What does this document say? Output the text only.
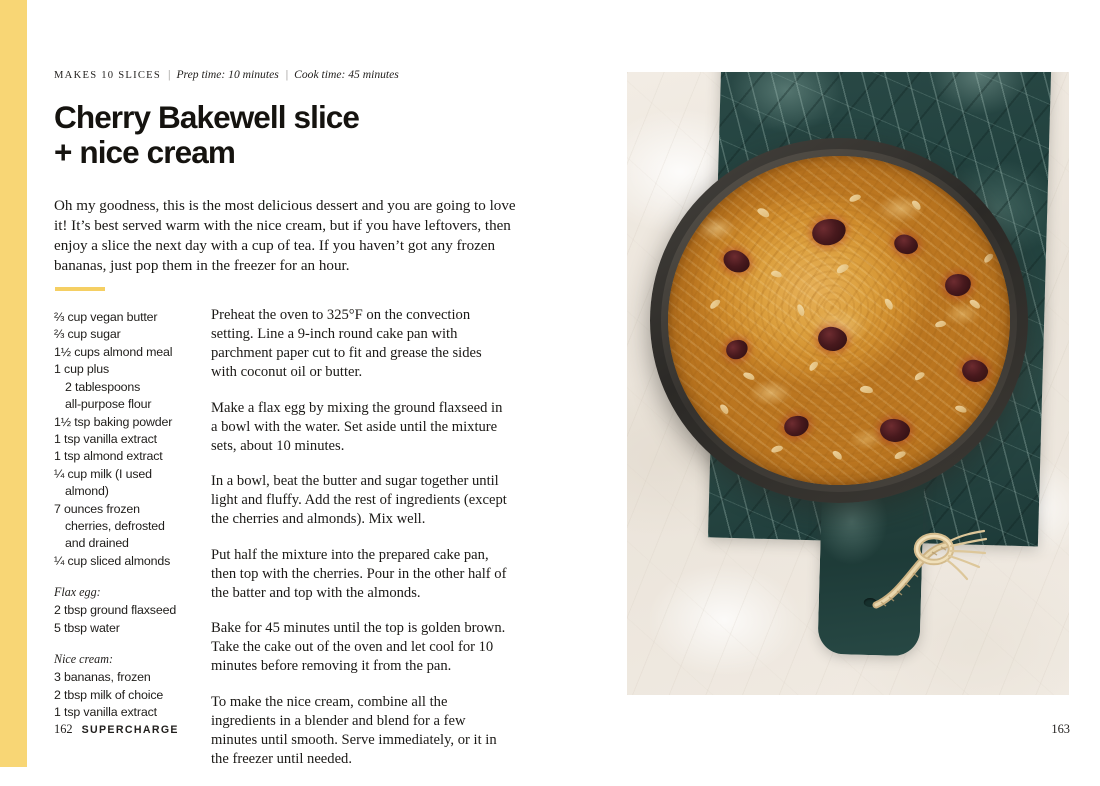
MAKES 10 SLICES | Prep time: 10 minutes | Cook time: 45 minutes
Cherry Bakewell slice
+ nice cream

Oh my goodness, this is the most delicious dessert and you are going to love it! It’s best served warm with the nice cream, but if you have leftovers, then enjoy a slice the next day with a cup of tea. If you haven’t got any frozen bananas, just pop them in the freezer for an hour.

⅔ cup vegan butter
⅔ cup sugar
1½ cups almond meal
1 cup plus
2 tablespoons
all-purpose flour
1½ tsp baking powder
1 tsp vanilla extract
1 tsp almond extract
¼ cup milk (I used
almond)
7 ounces frozen
cherries, defrosted
and drained
¼ cup sliced almonds
Flax egg:
2 tbsp ground flaxseed
5 tbsp water
Nice cream:
3 bananas, frozen
2 tbsp milk of choice
1 tsp vanilla extract

Preheat the oven to 325°F on the convection setting. Line a 9-inch round cake pan with parchment paper cut to fit and grease the sides with coconut oil or butter.

Make a flax egg by mixing the ground flaxseed in a bowl with the water. Set aside until the mixture sets, about 10 minutes.

In a bowl, beat the butter and sugar together until light and fluffy. Add the rest of ingredients (except the cherries and almonds). Mix well.

Put half the mixture into the prepared cake pan, then top with the cherries. Pour in the other half of the batter and top with the almonds.

Bake for 45 minutes until the top is golden brown. Take the cake out of the oven and let cool for 10 minutes before removing it from the pan.

To make the nice cream, combine all the ingredients in a blender and blend for a few minutes until smooth. Serve immediately, or it in the freezer until needed.

162 SUPERCHARGE	163
